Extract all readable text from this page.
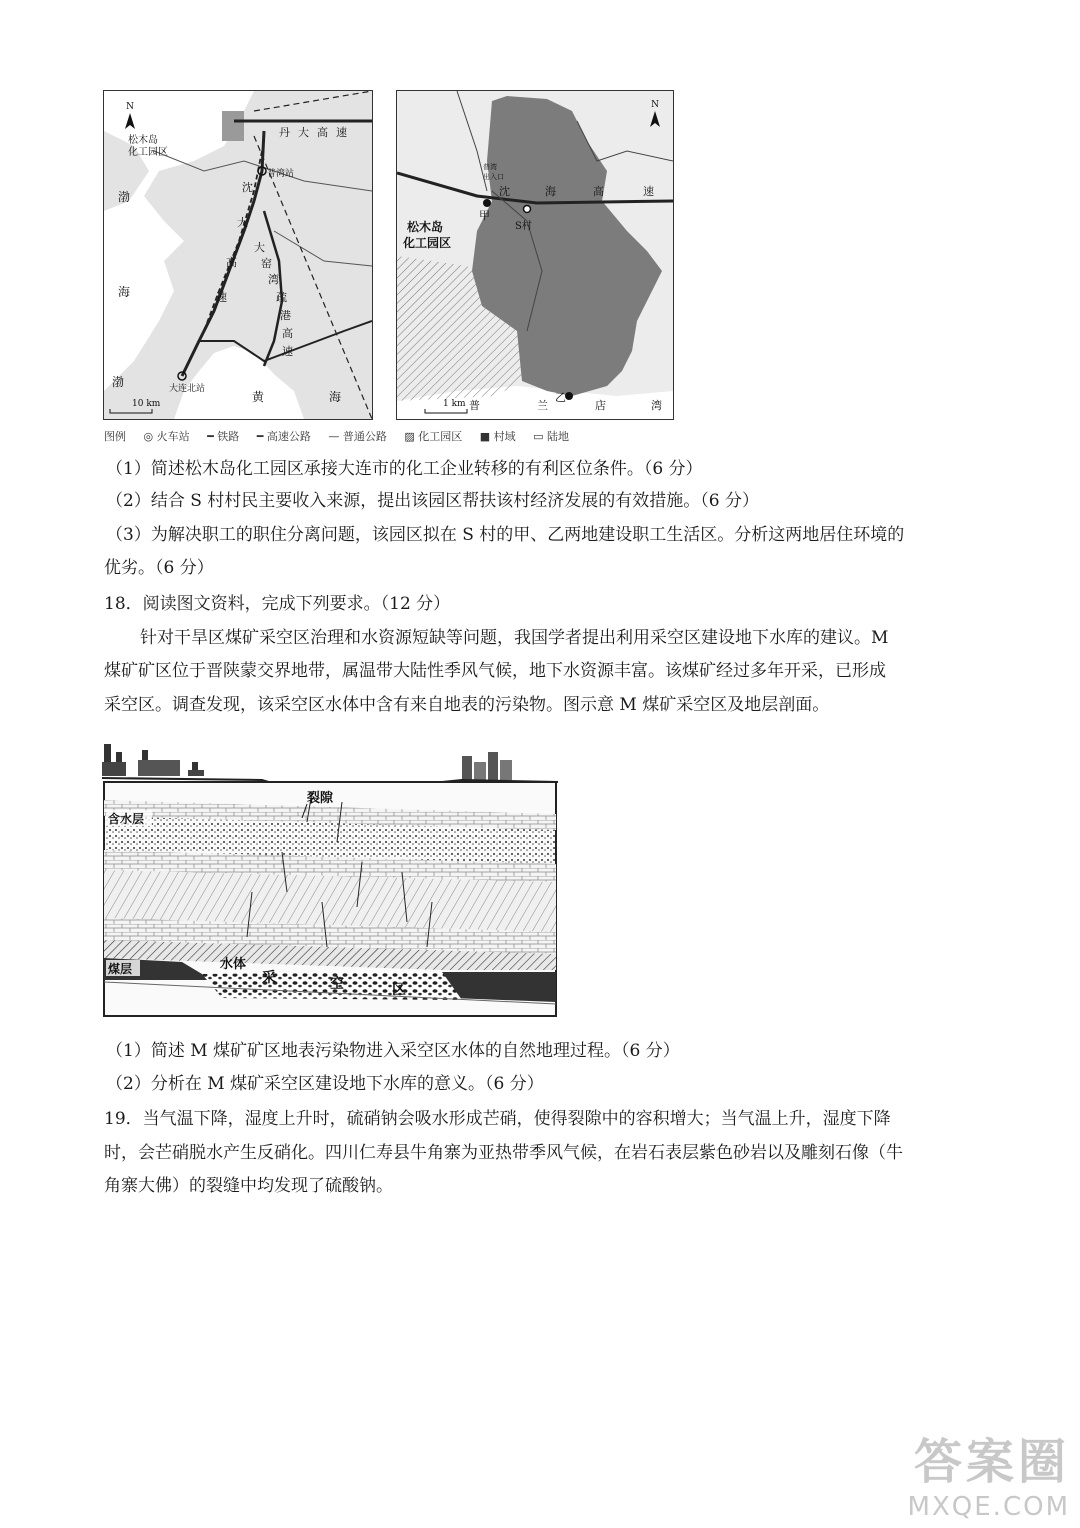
N
松木岛
化工园区
普湾站
大连北站
丹大高速
沈
大
高
速
大
窑
湾
疏
港
高
速
渤
海
渤
黄	海
10 km
N
普湾
出入口
甲
S村
乙
松木岛
化工园区
沈	海	高	速
普	兰	店	湾
1 km
图例 ◎ 火车站 ━ 铁路 ━ 高速公路 — 普通公路 ▨ 化工园区 ■ 村域 ▭ 陆地
（1）简述松木岛化工园区承接大连市的化工企业转移的有利区位条件。（6 分）
（2）结合 S 村村民主要收入来源，提出该园区帮扶该村经济发展的有效措施。（6 分）
（3）为解决职工的职住分离问题，该园区拟在 S 村的甲、乙两地建设职工生活区。分析这两地居住环境的
优劣。（6 分）
18．阅读图文资料，完成下列要求。（12 分）
针对干旱区煤矿采空区治理和水资源短缺等问题，我国学者提出利用采空区建设地下水库的建议。M
煤矿矿区位于晋陕蒙交界地带，属温带大陆性季风气候，地下水资源丰富。该煤矿经过多年开采，已形成
采空区。调查发现，该采空区水体中含有来自地表的污染物。图示意 M 煤矿采空区及地层剖面。
裂隙
含水层
煤层	水体
采	空	区
（1）简述 M 煤矿矿区地表污染物进入采空区水体的自然地理过程。（6 分）
（2）分析在 M 煤矿采空区建设地下水库的意义。（6 分）
19．当气温下降，湿度上升时，硫硝钠会吸水形成芒硝，使得裂隙中的容积增大；当气温上升，湿度下降
时，会芒硝脱水产生反硝化。四川仁寿县牛角寨为亚热带季风气候，在岩石表层紫色砂岩以及雕刻石像（牛
角寨大佛）的裂缝中均发现了硫酸钠。
答案圈
MXQE.COM
